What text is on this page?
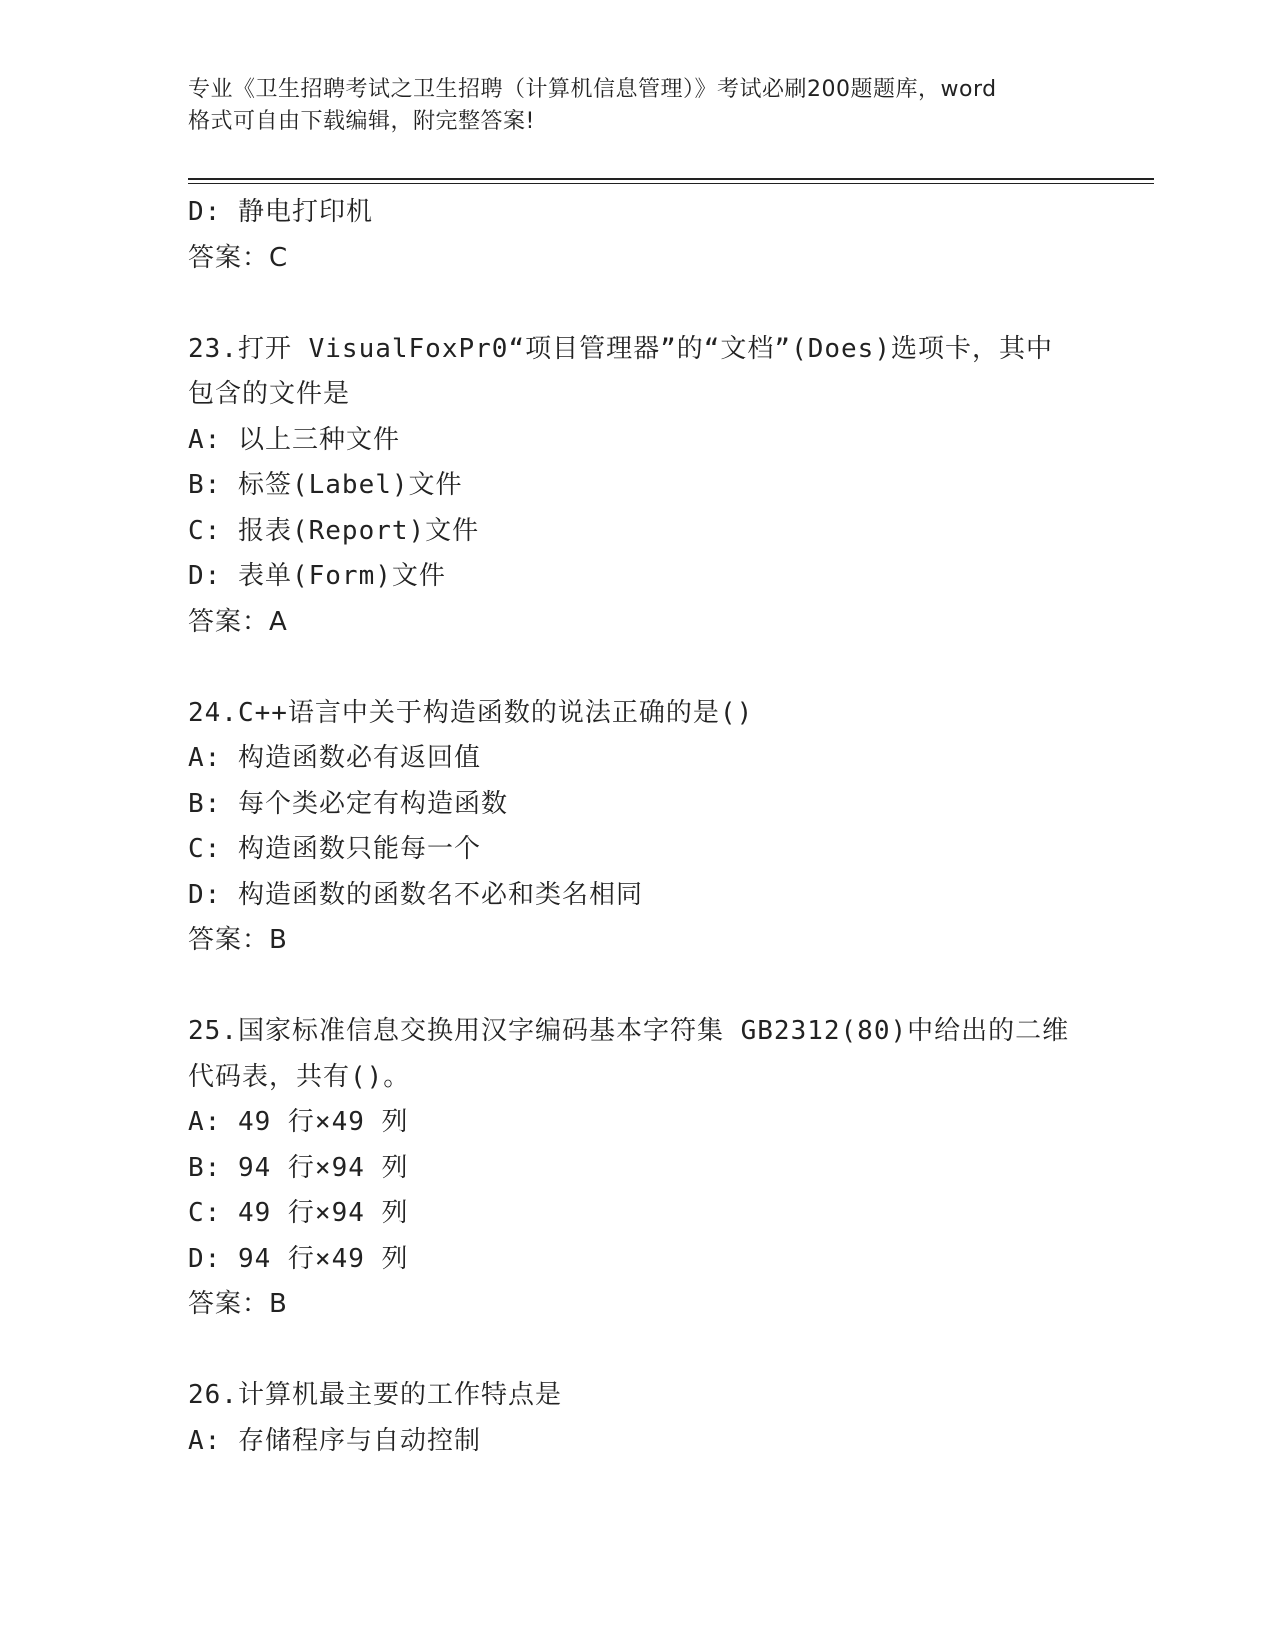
专业《卫生招聘考试之卫生招聘（计算机信息管理）》考试必刷200题题库，word
格式可自由下载编辑，附完整答案!
D: 静电打印机
答案：C
23.打开 VisualFoxPr0“项目管理器”的“文档”(Does)选项卡，其中
包含的文件是
A: 以上三种文件
B: 标签(Label)文件
C: 报表(Report)文件
D: 表单(Form)文件
答案：A
24.C++语言中关于构造函数的说法正确的是()
A: 构造函数必有返回值
B: 每个类必定有构造函数
C: 构造函数只能每一个
D: 构造函数的函数名不必和类名相同
答案：B
25.国家标准信息交换用汉字编码基本字符集 GB2312(80)中给出的二维
代码表，共有()。
A: 49 行×49 列
B: 94 行×94 列
C: 49 行×94 列
D: 94 行×49 列
答案：B
26.计算机最主要的工作特点是
A: 存储程序与自动控制
